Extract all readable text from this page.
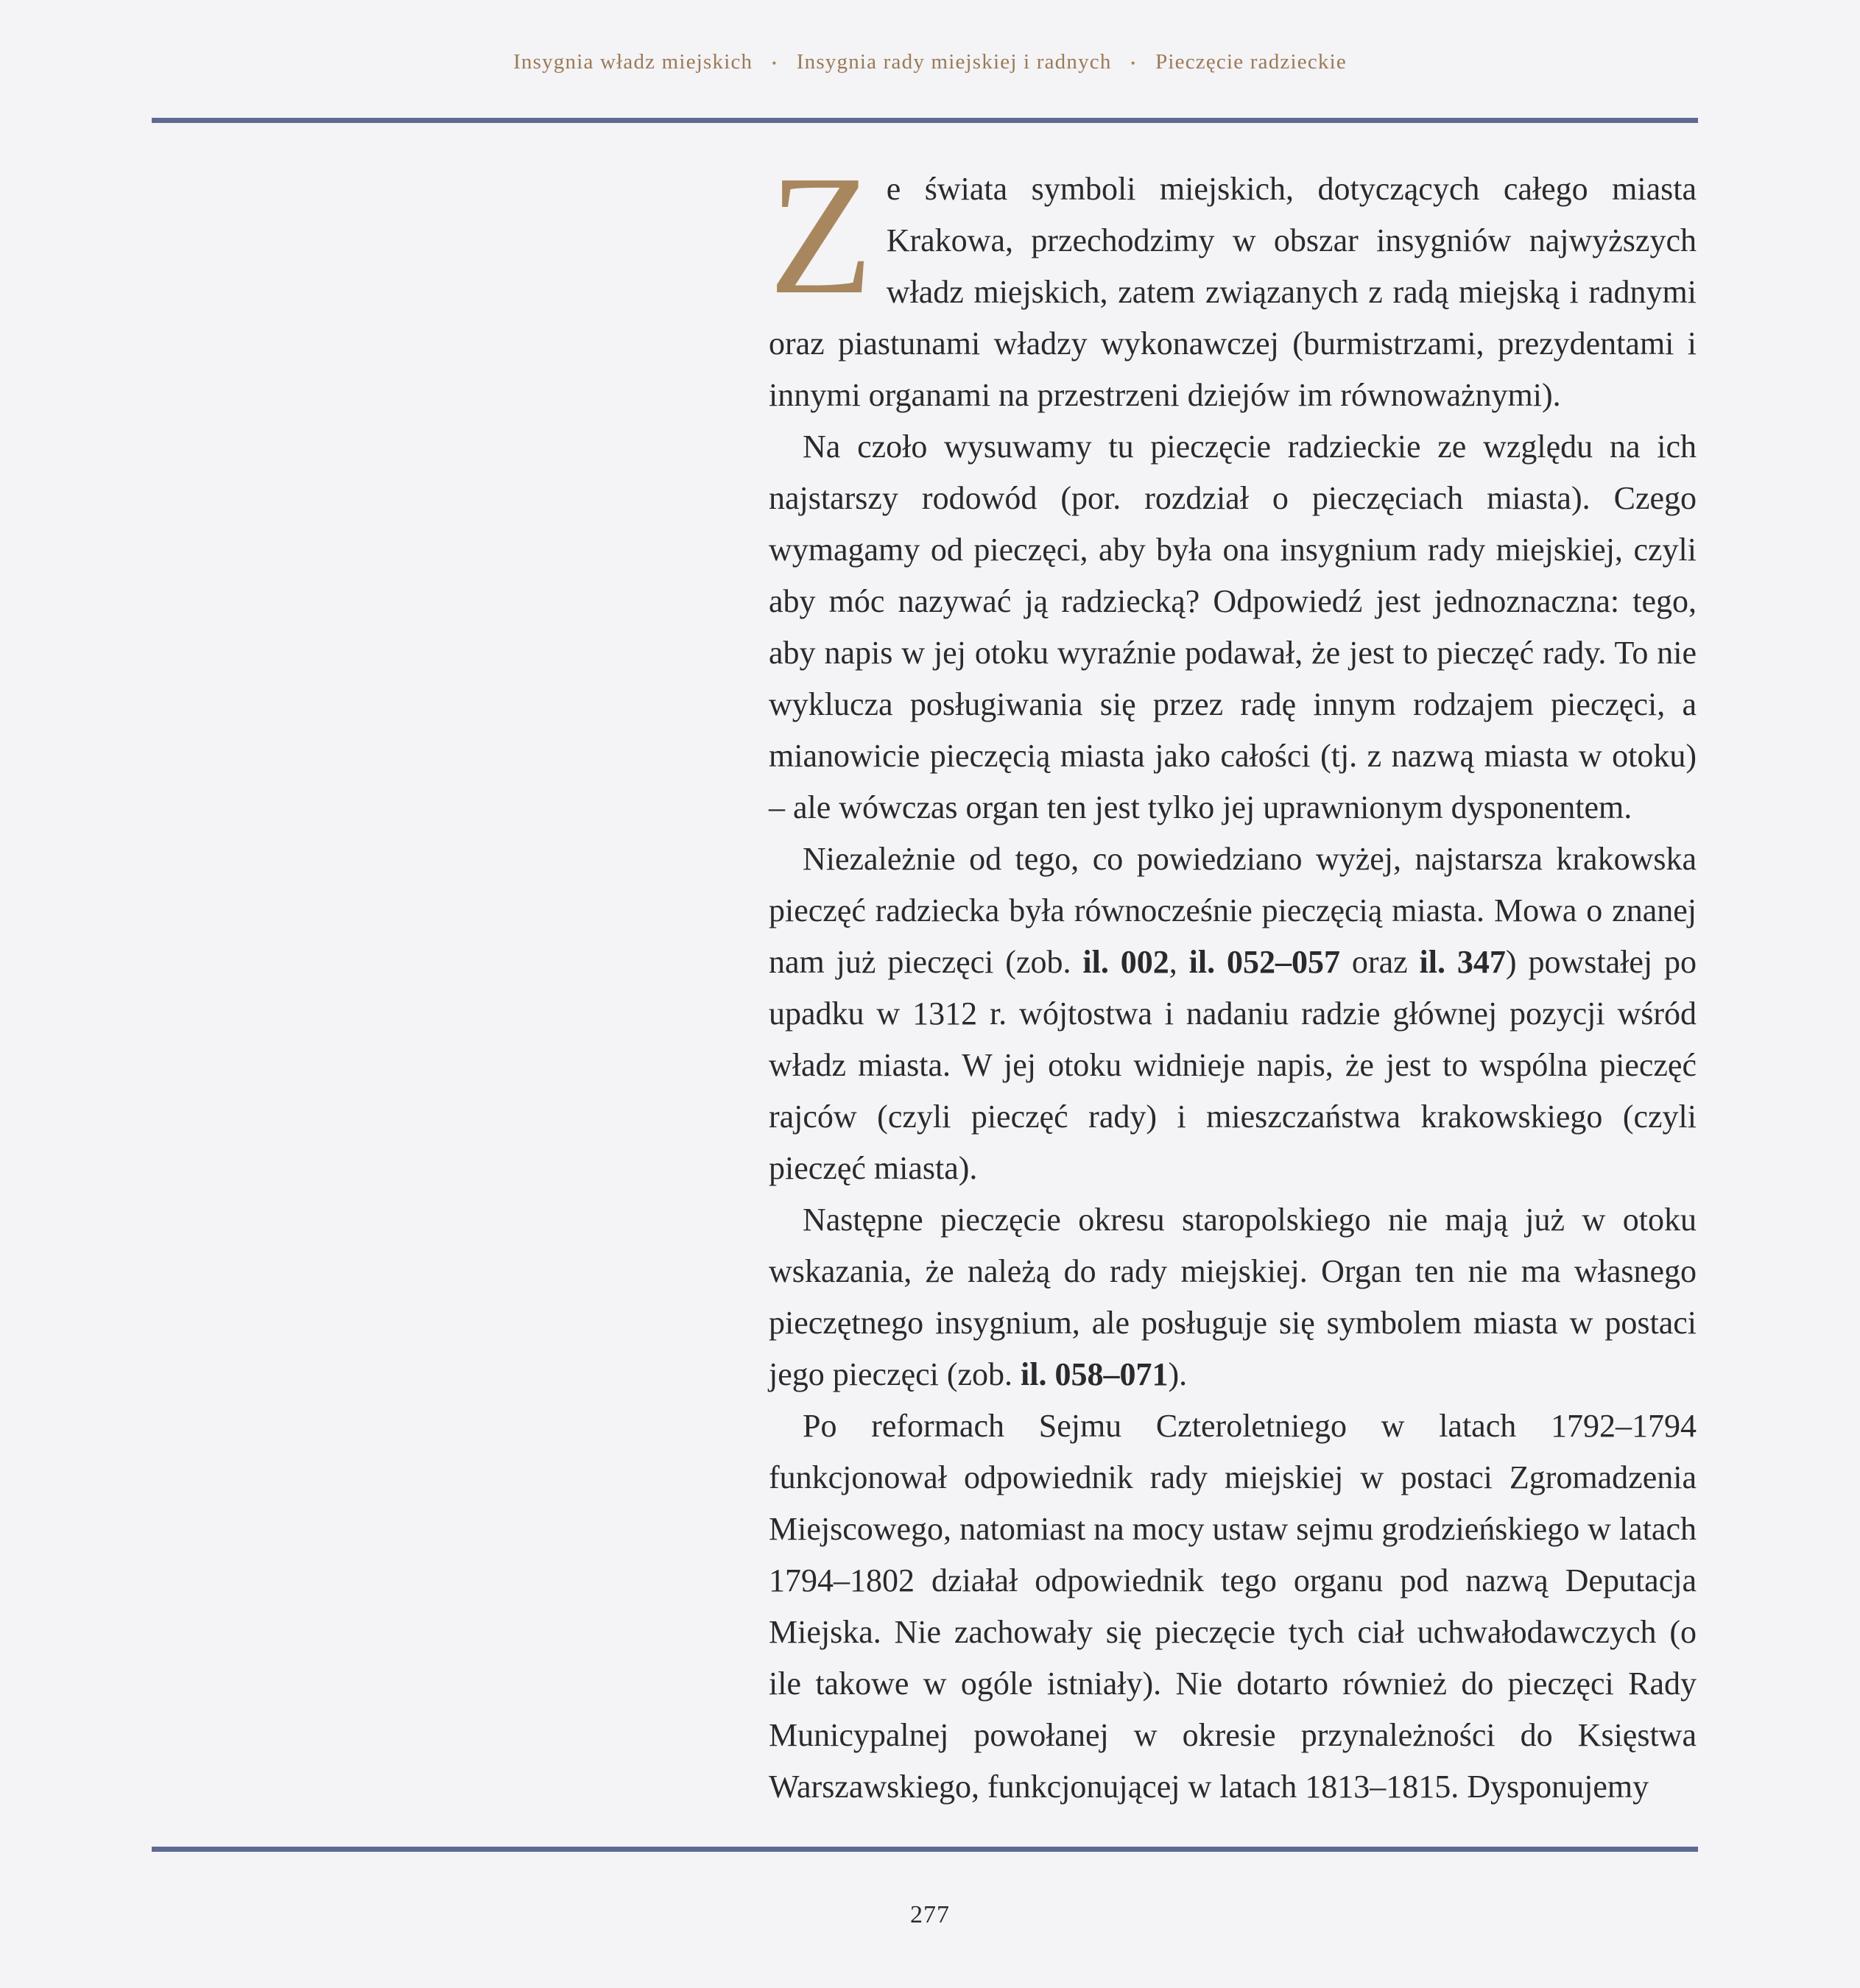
Insygnia władz miejskich • Insygnia rady miejskiej i radnych • Pieczęcie radzieckie

Ze świata symboli miejskich, dotyczących całego miasta Krakowa, przechodzimy w obszar insygniów najwyższych władz miejskich, zatem związanych z radą miejską i radnymi oraz piastunami władzy wykonawczej (burmistrzami, prezydentami i innymi organami na przestrzeni dziejów im równoważnymi).

Na czoło wysuwamy tu pieczęcie radzieckie ze względu na ich najstarszy rodowód (por. rozdział o pieczęciach miasta). Czego wymagamy od pieczęci, aby była ona insygnium rady miejskiej, czyli aby móc nazywać ją radziecką? Odpowiedź jest jednoznaczna: tego, aby napis w jej otoku wyraźnie podawał, że jest to pieczęć rady. To nie wyklucza posługiwania się przez radę innym rodzajem pieczęci, a mianowicie pieczęcią miasta jako całości (tj. z nazwą miasta w otoku) – ale wówczas organ ten jest tylko jej uprawnionym dysponentem.

Niezależnie od tego, co powiedziano wyżej, najstarsza krakowska pieczęć radziecka była równocześnie pieczęcią miasta. Mowa o znanej nam już pieczęci (zob. il. 002, il. 052–057 oraz il. 347) powstałej po upadku w 1312 r. wójtostwa i nadaniu radzie głównej pozycji wśród władz miasta. W jej otoku widnieje napis, że jest to wspólna pieczęć rajców (czyli pieczęć rady) i mieszczaństwa krakowskiego (czyli pieczęć miasta).

Następne pieczęcie okresu staropolskiego nie mają już w otoku wskazania, że należą do rady miejskiej. Organ ten nie ma własnego pieczętnego insygnium, ale posługuje się symbolem miasta w postaci jego pieczęci (zob. il. 058–071).

Po reformach Sejmu Czteroletniego w latach 1792–1794 funkcjonował odpowiednik rady miejskiej w postaci Zgromadzenia Miejscowego, natomiast na mocy ustaw sejmu grodzieńskiego w latach 1794–1802 działał odpowiednik tego organu pod nazwą Deputacja Miejska. Nie zachowały się pieczęcie tych ciał uchwałodawczych (o ile takowe w ogóle istniały). Nie dotarto również do pieczęci Rady Municypalnej powołanej w okresie przynależności do Księstwa Warszawskiego, funkcjonującej w latach 1813–1815. Dysponujemy

277
